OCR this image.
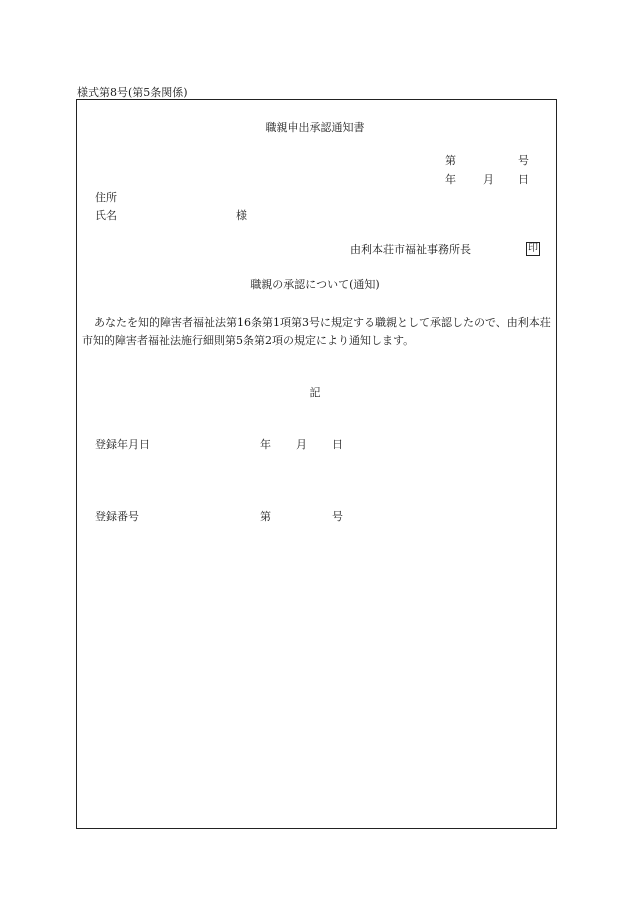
様式第8号(第5条関係)
職親申出承認通知書
第	号
年 月 日
住所
氏名	様
由利本荘市福祉事務所長	印
職親の承認について(通知)
あなたを知的障害者福祉法第16条第1項第3号に規定する職親として承認したので、由利本荘市知的障害者福祉法施行細則第5条第2項の規定により通知します。
記
登録年月日	年 月 日
登録番号	第	号
